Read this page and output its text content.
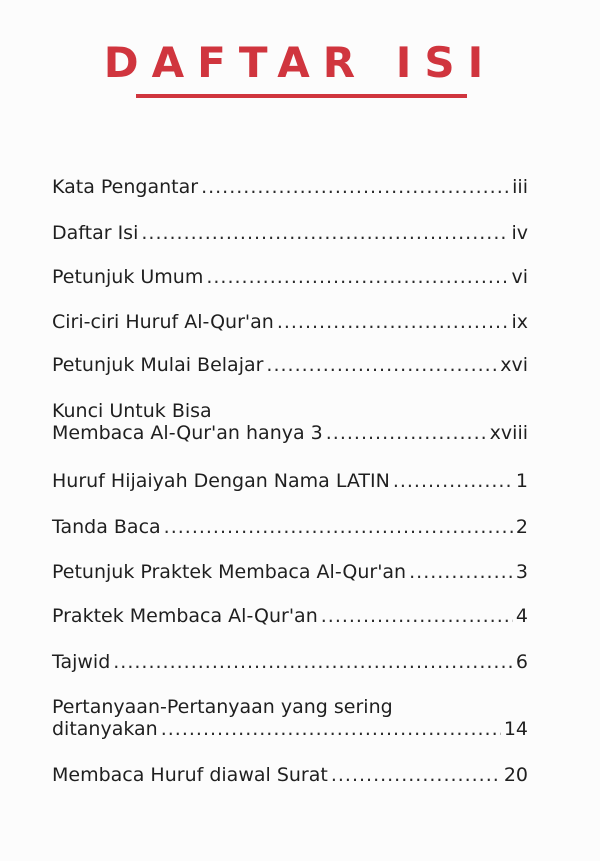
DAFTAR ISI
Kata Pengantar .....	iii
Daftar Isi .....	iv
Petunjuk Umum .....	vi
Ciri-ciri Huruf Al-Qur'an .....	ix
Petunjuk Mulai Belajar .....	xvi
Kunci Untuk Bisa
Membaca Al-Qur'an hanya 3 .....	xviii
Huruf Hijaiyah Dengan Nama LATIN .....	1
Tanda Baca .....	2
Petunjuk Praktek Membaca Al-Qur'an .....	3
Praktek Membaca Al-Qur'an .....	4
Tajwid .....	6
Pertanyaan-Pertanyaan yang sering
ditanyakan .....	14
Membaca Huruf diawal Surat .....	20
